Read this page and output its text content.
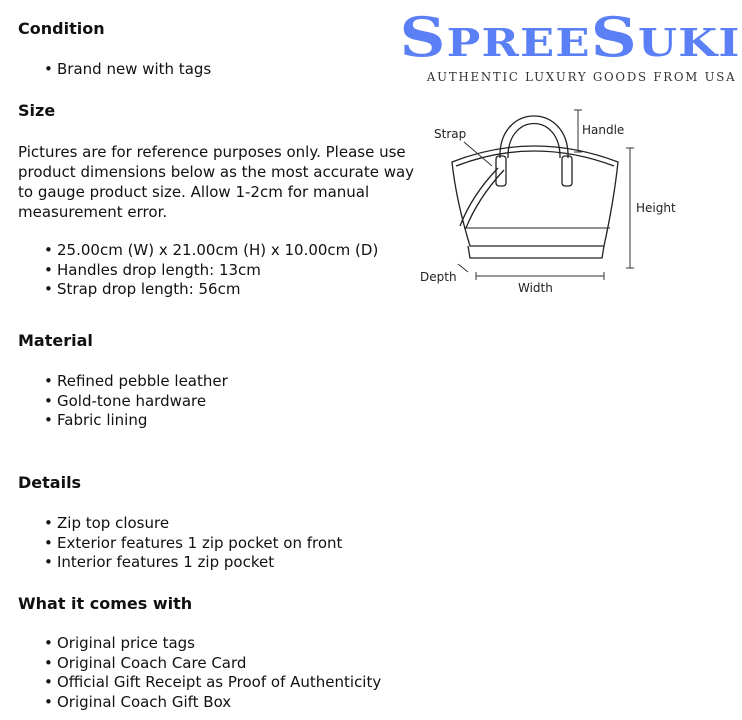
SPREESUKI
AUTHENTIC LUXURY GOODS FROM USA
Condition
• Brand new with tags
Size

Pictures are for reference purposes only. Please use product dimensions below as the most accurate way to gauge product size. Allow 1-2cm for manual measurement error.

• 25.00cm (W) x 21.00cm (H) x 10.00cm (D)
• Handles drop length: 13cm
• Strap drop length: 56cm
Strap	Handle
Height
Depth
Width
Material
• Refined pebble leather
• Gold-tone hardware
• Fabric lining
Details
• Zip top closure
• Exterior features 1 zip pocket on front
• Interior features 1 zip pocket
What it comes with
• Original price tags
• Original Coach Care Card
• Official Gift Receipt as Proof of Authenticity
• Original Coach Gift Box
